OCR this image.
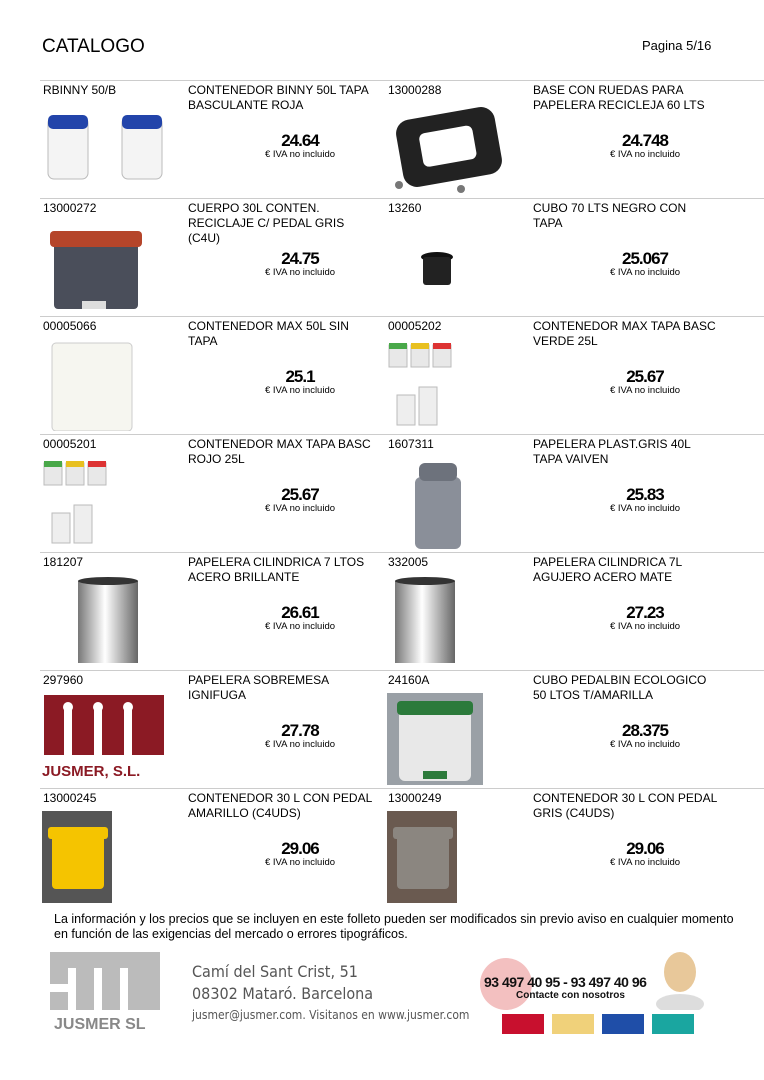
CATALOGO	Pagina 5/16
RBINNY 50/B	CONTENEDOR BINNY 50L TAPA BASCULANTE ROJA
24.64
€ IVA no incluido
13000288	BASE CON RUEDAS PARA PAPELERA RECICLEJA 60 LTS
24.748
€ IVA no incluido
13000272	CUERPO 30L CONTEN. RECICLAJE C/ PEDAL GRIS (C4U)
24.75
€ IVA no incluido
13260	CUBO 70 LTS NEGRO CON TAPA
25.067
€ IVA no incluido
00005066	CONTENEDOR MAX 50L SIN TAPA
25.1
€ IVA no incluido
00005202	CONTENEDOR MAX TAPA BASC VERDE 25L
25.67
€ IVA no incluido
00005201	CONTENEDOR MAX TAPA BASC ROJO 25L
25.67
€ IVA no incluido
1607311	PAPELERA PLAST.GRIS 40L TAPA VAIVEN
25.83
€ IVA no incluido
181207	PAPELERA CILINDRICA 7 LTOS ACERO BRILLANTE
26.61
€ IVA no incluido
332005	PAPELERA CILINDRICA 7L AGUJERO ACERO MATE
27.23
€ IVA no incluido
297960	PAPELERA SOBREMESA IGNIFUGA
JUSMER, S.L.
27.78
€ IVA no incluido
24160A	CUBO PEDALBIN ECOLOGICO 50 LTOS T/AMARILLA
28.375
€ IVA no incluido
13000245	CONTENEDOR 30 L CON PEDAL AMARILLO (C4UDS)
29.06
€ IVA no incluido
13000249	CONTENEDOR 30 L CON PEDAL GRIS (C4UDS)
29.06
€ IVA no incluido
La información y los precios que se incluyen en este folleto pueden ser modificados sin previo aviso en cualquier momento en función de las exigencias del mercado o errores tipográficos.
JUSMER SL
Camí del Sant Crist, 51
08302 Mataró. Barcelona
jusmer@jusmer.com. Visitanos en www.jusmer.com
93 497 40 95 - 93 497 40 96
Contacte con nosotros
